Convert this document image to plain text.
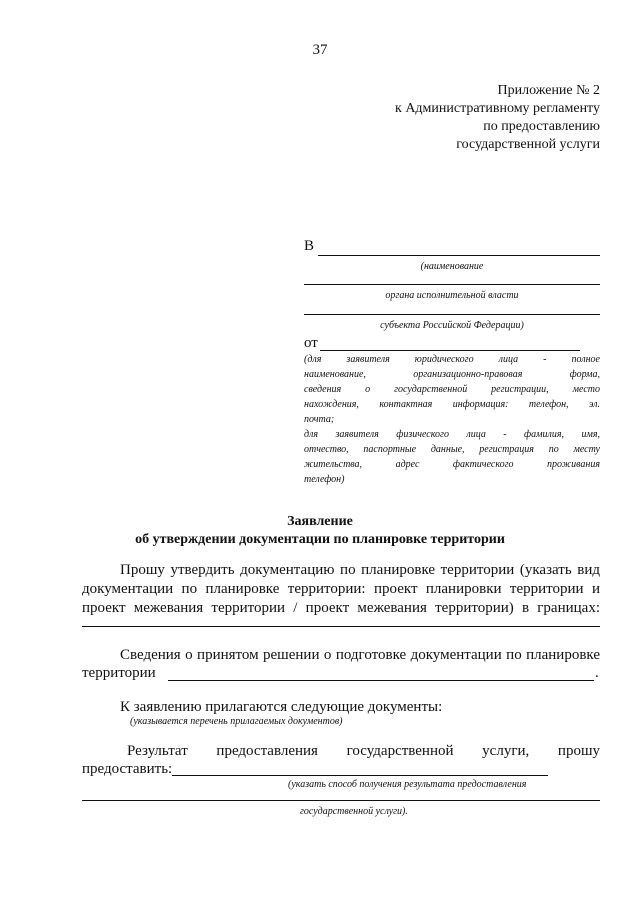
37
Приложение № 2
к Административному регламенту
по предоставлению
государственной услуги
В
(наименование
органа исполнительной власти
субъекта Российской Федерации)
от
(для заявителя юридического лица - полное
наименование, организационно-правовая форма,
сведения о государственной регистрации, место
нахождения, контактная информация: телефон, эл.
почта;
для заявителя физического лица - фамилия, имя,
отчество, паспортные данные, регистрация по месту
жительства, адрес фактического проживания
телефон)
Заявление
об утверждении документации по планировке территории
Прошу утвердить документацию по планировке территории (указать вид
документации по планировке территории: проект планировки территории и
проект межевания территории / проект межевания территории) в границах:
Сведения о принятом решении о подготовке документации по планировке
территории	.
К заявлению прилагаются следующие документы:
(указывается перечень прилагаемых документов)
Результат предоставления государственной услуги, прошу
предоставить:
(указать способ получения результата предоставления
государственной услуги).
